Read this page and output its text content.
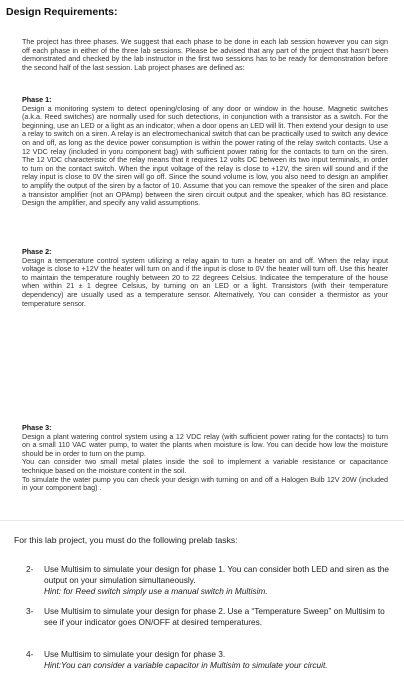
Design Requirements:

The project has three phases. We suggest that each phase to be done in each lab session however you can sign off each phase in either of the three lab sessions. Please be advised that any part of the project that hasn't been demonstrated and checked by the lab instructor in the first two sessions has to be ready for demonstration before the second half of the last session. Lab project phases are defined as:

Phase 1:

Design a monitoring system to detect opening/closing of any door or window in the house. Magnetic switches (a.k.a. Reed switches) are normally used for such detections, in conjunction with a transistor as a switch. For the beginning, use an LED or a light as an indicator; when a door opens an LED will lit. Then extend your design to use a relay to switch on a siren. A relay is an electromechanical switch that can be practically used to switch any device on and off, as long as the device power consumption is within the power rating of the relay switch contacts. Use a 12 VDC relay (included in yoru component bag) with sufficient power rating for the contacts to turn on the siren. The 12 VDC characteristic of the relay means that it requires 12 volts DC between its two input terminals, in order to turn on the contact switch. When the input voltage of the relay is close to +12V, the siren will sound and if the relay input is close to 0V the siren will go off. Since the sound volume is low, you also need to design an amplifier to amplify the output of the siren by a factor of 10. Assume that you can remove the speaker of the siren and place a transistor amplifier (not an OPAmp) between the siren circuit output and the speaker, which has 8Ω resistance. Design the amplifier, and specify any valid assumptions.

Phase 2:

Design a temperature control system utilizing a relay again to turn a heater on and off. When the relay input voltage is close to +12V the heater will turn on and if the input is close to 0V the heater will turn off. Use this heater to maintain the temperature roughly between 20 to 22 degrees Celsius. Indicatee the temperature of the house when within 21 ± 1 degree Celsius, by turning on an LED or a light. Transistors (with their temperature dependency) are usually used as a temperature sensor. Alternatively, You can consider a thermistor as your temperature sensor.

Phase 3:

Design a plant watering control system using a 12 VDC relay (with sufficient power rating for the contacts) to turn on a small 110 VAC water pump, to water the plants when moisture is low. You can decide how low the moisture should be in order to turn on the pump.

You can consider two small metal plates inside the soil to implement a variable resistance or capacitance technique based on the moisture content in the soil.

To simulate the water pump you can check your design with turning on and off a Halogen Bulb 12V 20W (included in your component bag) .

For this lab project, you must do the following prelab tasks:
2-	Use Multisim to simulate your design for phase 1. You can consider both LED and siren as the output on your simulation simultaneously.
Hint: for Reed switch simply use a manual switch in Multisim.
3-	Use Multisim to simulate your design for phase 2. Use a “Temperature Sweep” on Multisim to see if your indicator goes ON/OFF at desired temperatures.
4-	Use Multisim to simulate your design for phase 3.
Hint:You can consider a variable capacitor in Multisim to simulate your circuit.
